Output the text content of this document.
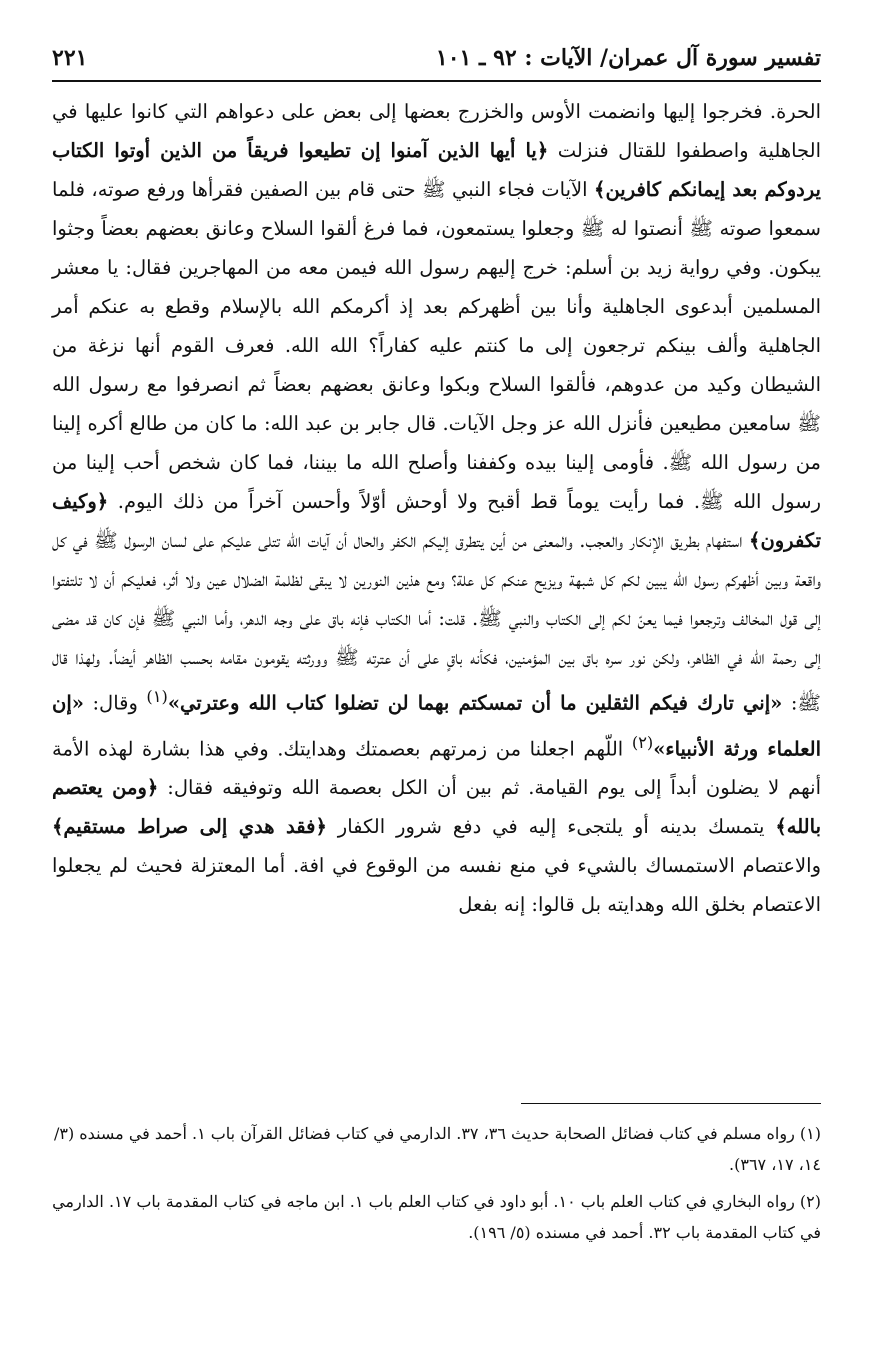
تفسير سورة آل عمران/ الآيات : ٩٢ ـ ١٠١
٢٢١

الحرة. فخرجوا إليها وانضمت الأوس والخزرج بعضها إلى بعض على دعواهم التي كانوا عليها في الجاهلية واصطفوا للقتال فنزلت ﴿يا أيها الذين آمنوا إن تطيعوا فريقاً من الذين أوتوا الكتاب يردوكم بعد إيمانكم كافرين﴾ الآيات فجاء النبي ﷺ حتى قام بين الصفين فقرأها ورفع صوته، فلما سمعوا صوته ﷺ أنصتوا له ﷺ وجعلوا يستمعون، فما فرغ ألقوا السلاح وعانق بعضهم بعضاً وجثوا يبكون. وفي رواية زيد بن أسلم: خرج إليهم رسول الله فيمن معه من المهاجرين فقال: يا معشر المسلمين أبدعوى الجاهلية وأنا بين أظهركم بعد إذ أكرمكم الله بالإسلام وقطع به عنكم أمر الجاهلية وألف بينكم ترجعون إلى ما كنتم عليه كفاراً؟ الله الله. فعرف القوم أنها نزغة من الشيطان وكيد من عدوهم، فألقوا السلاح وبكوا وعانق بعضهم بعضاً ثم انصرفوا مع رسول الله ﷺ سامعين مطيعين فأنزل الله عز وجل الآيات. قال جابر بن عبد الله: ما كان من طالع أكره إلينا من رسول الله ﷺ. فأومى إلينا بيده وكففنا وأصلح الله ما بيننا، فما كان شخص أحب إلينا من رسول الله ﷺ. فما رأيت يوماً قط أقبح ولا أوحش أوّلاً وأحسن آخراً من ذلك اليوم. ﴿وكيف تكفرون﴾ استفهام بطريق الإنكار والعجب. والمعنى من أين يتطرق إليكم الكفر والحال أن آيات الله تتلى عليكم على لسان الرسول ﷺ في كل واقعة وبين أظهركم رسول الله يبين لكم كل شبهة ويزيح عنكم كل علة؟ ومع هذين النورين لا يبقى لظلمة الضلال عين ولا أثر، فعليكم أن لا تلتفتوا إلى قول المخالف وترجعوا فيما يعنّ لكم إلى الكتاب والنبي ﷺ. قلت: أما الكتاب فإنه باق على وجه الدهر، وأما النبي ﷺ فإن كان قد مضى إلى رحمة الله في الظاهر، ولكن نور سره باق بين المؤمنين، فكأنه باقٍ على أن عترته ﷺ وورثته يقومون مقامه بحسب الظاهر أيضاً. ولهذا قال ﷺ: «إني تارك فيكم الثقلين ما أن تمسكتم بهما لن تضلوا كتاب الله وعترتي»$^{(١)}$ وقال: «إن العلماء ورثة الأنبياء»$^{(٢)}$ اللّهم اجعلنا من زمرتهم بعصمتك وهدايتك. وفي هذا بشارة لهذه الأمة أنهم لا يضلون أبداً إلى يوم القيامة. ثم بين أن الكل بعصمة الله وتوفيقه فقال: ﴿ومن يعتصم بالله﴾ يتمسك بدينه أو يلتجىء إليه في دفع شرور الكفار ﴿فقد هدي إلى صراط مستقيم﴾ والاعتصام الاستمساك بالشيء في منع نفسه من الوقوع في افة. أما المعتزلة فحيث لم يجعلوا الاعتصام بخلق الله وهدايته بل قالوا: إنه بفعل

(١) رواه مسلم في كتاب فضائل الصحابة حديث ٣٦، ٣٧. الدارمي في كتاب فضائل القرآن باب ١. أحمد في مسنده (٣/ ١٤، ١٧، ٣٦٧).

(٢) رواه البخاري في كتاب العلم باب ١٠. أبو داود في كتاب العلم باب ١. ابن ماجه في كتاب المقدمة باب ١٧. الدارمي في كتاب المقدمة باب ٣٢. أحمد في مسنده (٥/ ١٩٦).
